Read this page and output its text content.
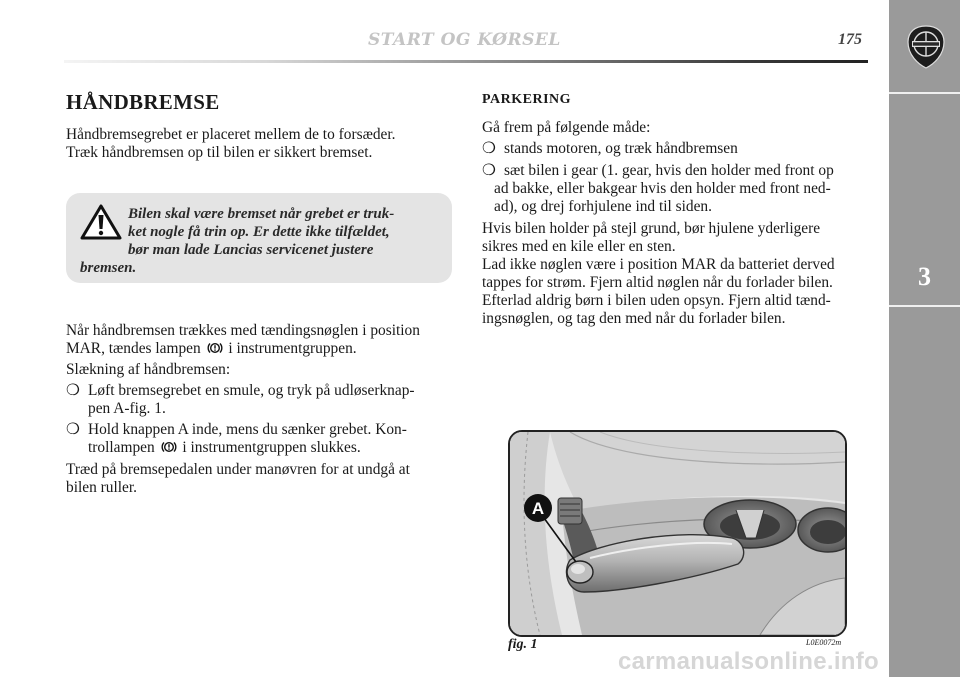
START OG KØRSEL	175
3
HÅNDBREMSE

Håndbremsegrebet er placeret mellem de to forsæder.

Træk håndbremsen op til bilen er sikkert bremset.

Bilen skal være bremset når grebet er truk-
ket nogle få trin op. Er dette ikke tilfældet,
bør man lade Lancias servicenet justere
bremsen.

Når håndbremsen trækkes med tændingsnøglen i position

MAR, tændes lampen i instrumentgruppen.

Slækning af håndbremsen:

❍ Løft bremsegrebet en smule, og tryk på udløserknap-

pen A-fig. 1.

❍ Hold knappen A inde, mens du sænker grebet. Kon-

trollampen i instrumentgruppen slukkes.

Træd på bremsepedalen under manøvren for at undgå at

bilen ruller.

PARKERING

Gå frem på følgende måde:

❍ stands motoren, og træk håndbremsen
❍ sæt bilen i gear (1. gear, hvis den holder med front op

ad bakke, eller bakgear hvis den holder med front ned-

ad), og drej forhjulene ind til siden.

Hvis bilen holder på stejl grund, bør hjulene yderligere

sikres med en kile eller en sten.

Lad ikke nøglen være i position MAR da batteriet derved

tappes for strøm. Fjern altid nøglen når du forlader bilen.

Efterlad aldrig børn i bilen uden opsyn. Fjern altid tænd-

ingsnøglen, og tag den med når du forlader bilen.

A
fig. 1	L0E0072m
carmanualsonline.info
